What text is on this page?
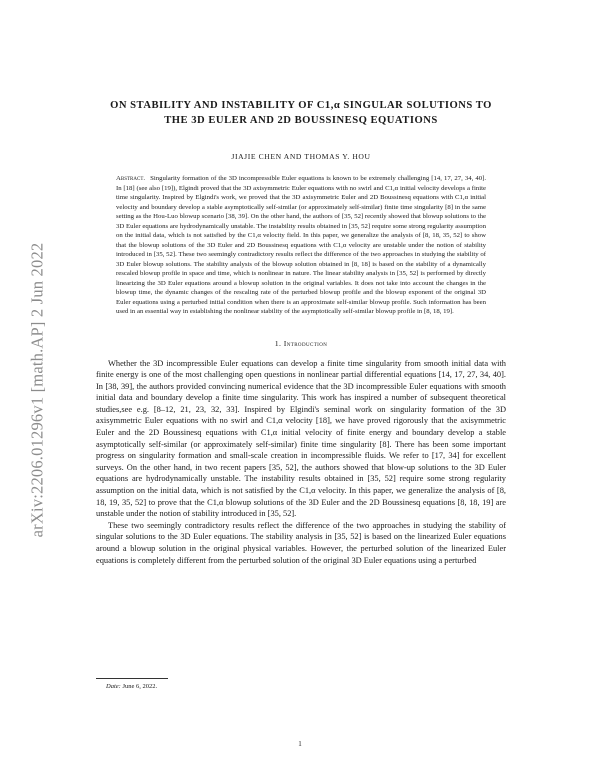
arXiv:2206.01296v1 [math.AP] 2 Jun 2022
ON STABILITY AND INSTABILITY OF C1,α SINGULAR SOLUTIONS TO
THE 3D EULER AND 2D BOUSSINESQ EQUATIONS
JIAJIE CHEN AND THOMAS Y. HOU
Abstract. Singularity formation of the 3D incompressible Euler equations is known to be extremely challenging [14, 17, 27, 34, 40]. In [18] (see also [19]), Elgindi proved that the 3D axisymmetric Euler equations with no swirl and C1,α initial velocity develops a finite time singularity. Inspired by Elgindi's work, we proved that the 3D axisymmetric Euler and 2D Boussinesq equations with C1,α initial velocity and boundary develop a stable asymptotically self-similar (or approximately self-similar) finite time singularity [8] in the same setting as the Hou-Luo blowup scenario [38, 39]. On the other hand, the authors of [35, 52] recently showed that blowup solutions to the 3D Euler equations are hydrodynamically unstable. The instability results obtained in [35, 52] require some strong regularity assumption on the initial data, which is not satisfied by the C1,α velocity field. In this paper, we generalize the analysis of [8, 18, 35, 52] to show that the blowup solutions of the 3D Euler and 2D Boussinesq equations with C1,α velocity are unstable under the notion of stability introduced in [35, 52]. These two seemingly contradictory results reflect the difference of the two approaches in studying the stability of 3D Euler blowup solutions. The stability analysis of the blowup solution obtained in [8, 18] is based on the stability of a dynamically rescaled blowup profile in space and time, which is nonlinear in nature. The linear stability analysis in [35, 52] is performed by directly linearizing the 3D Euler equations around a blowup solution in the original variables. It does not take into account the changes in the blowup time, the dynamic changes of the rescaling rate of the perturbed blowup profile and the blowup exponent of the original 3D Euler equations using a perturbed initial condition when there is an approximate self-similar blowup profile. Such information has been used in an essential way in establishing the nonlinear stability of the asymptotically self-similar blowup profile in [8, 18, 19].
1. Introduction

Whether the 3D incompressible Euler equations can develop a finite time singularity from smooth initial data with finite energy is one of the most challenging open questions in nonlinear partial differential equations [14, 17, 27, 34, 40]. In [38, 39], the authors provided convincing numerical evidence that the 3D incompressible Euler equations with smooth initial data and boundary develop a finite time singularity. This work has inspired a number of subsequent theoretical studies,see e.g. [8–12, 21, 23, 32, 33]. Inspired by Elgindi's seminal work on singularity formation of the 3D axisymmetric Euler equations with no swirl and C1,α velocity [18], we have proved rigorously that the axisymmetric Euler and the 2D Boussinesq equations with C1,α initial velocity of finite energy and boundary develop a stable asymptotically self-similar (or approximately self-similar) finite time singularity [8]. There has been some important progress on singularity formation and small-scale creation in incompressible fluids. We refer to [17, 34] for excellent surveys. On the other hand, in two recent papers [35, 52], the authors showed that blow-up solutions to the 3D Euler equations are hydrodynamically unstable. The instability results obtained in [35, 52] require some strong regularity assumption on the initial data, which is not satisfied by the C1,α velocity. In this paper, we generalize the analysis of [8, 18, 19, 35, 52] to prove that the C1,α blowup solutions of the 3D Euler and the 2D Boussinesq equations [8, 18, 19] are unstable under the notion of stability introduced in [35, 52].

These two seemingly contradictory results reflect the difference of the two approaches in studying the stability of singular solutions to the 3D Euler equations. The stability analysis in [35, 52] is based on the linearized Euler equations around a blowup solution in the original physical variables. However, the perturbed solution of the linearized Euler equations is completely different from the perturbed solution of the original 3D Euler equations using a perturbed

Date: June 6, 2022.
1
